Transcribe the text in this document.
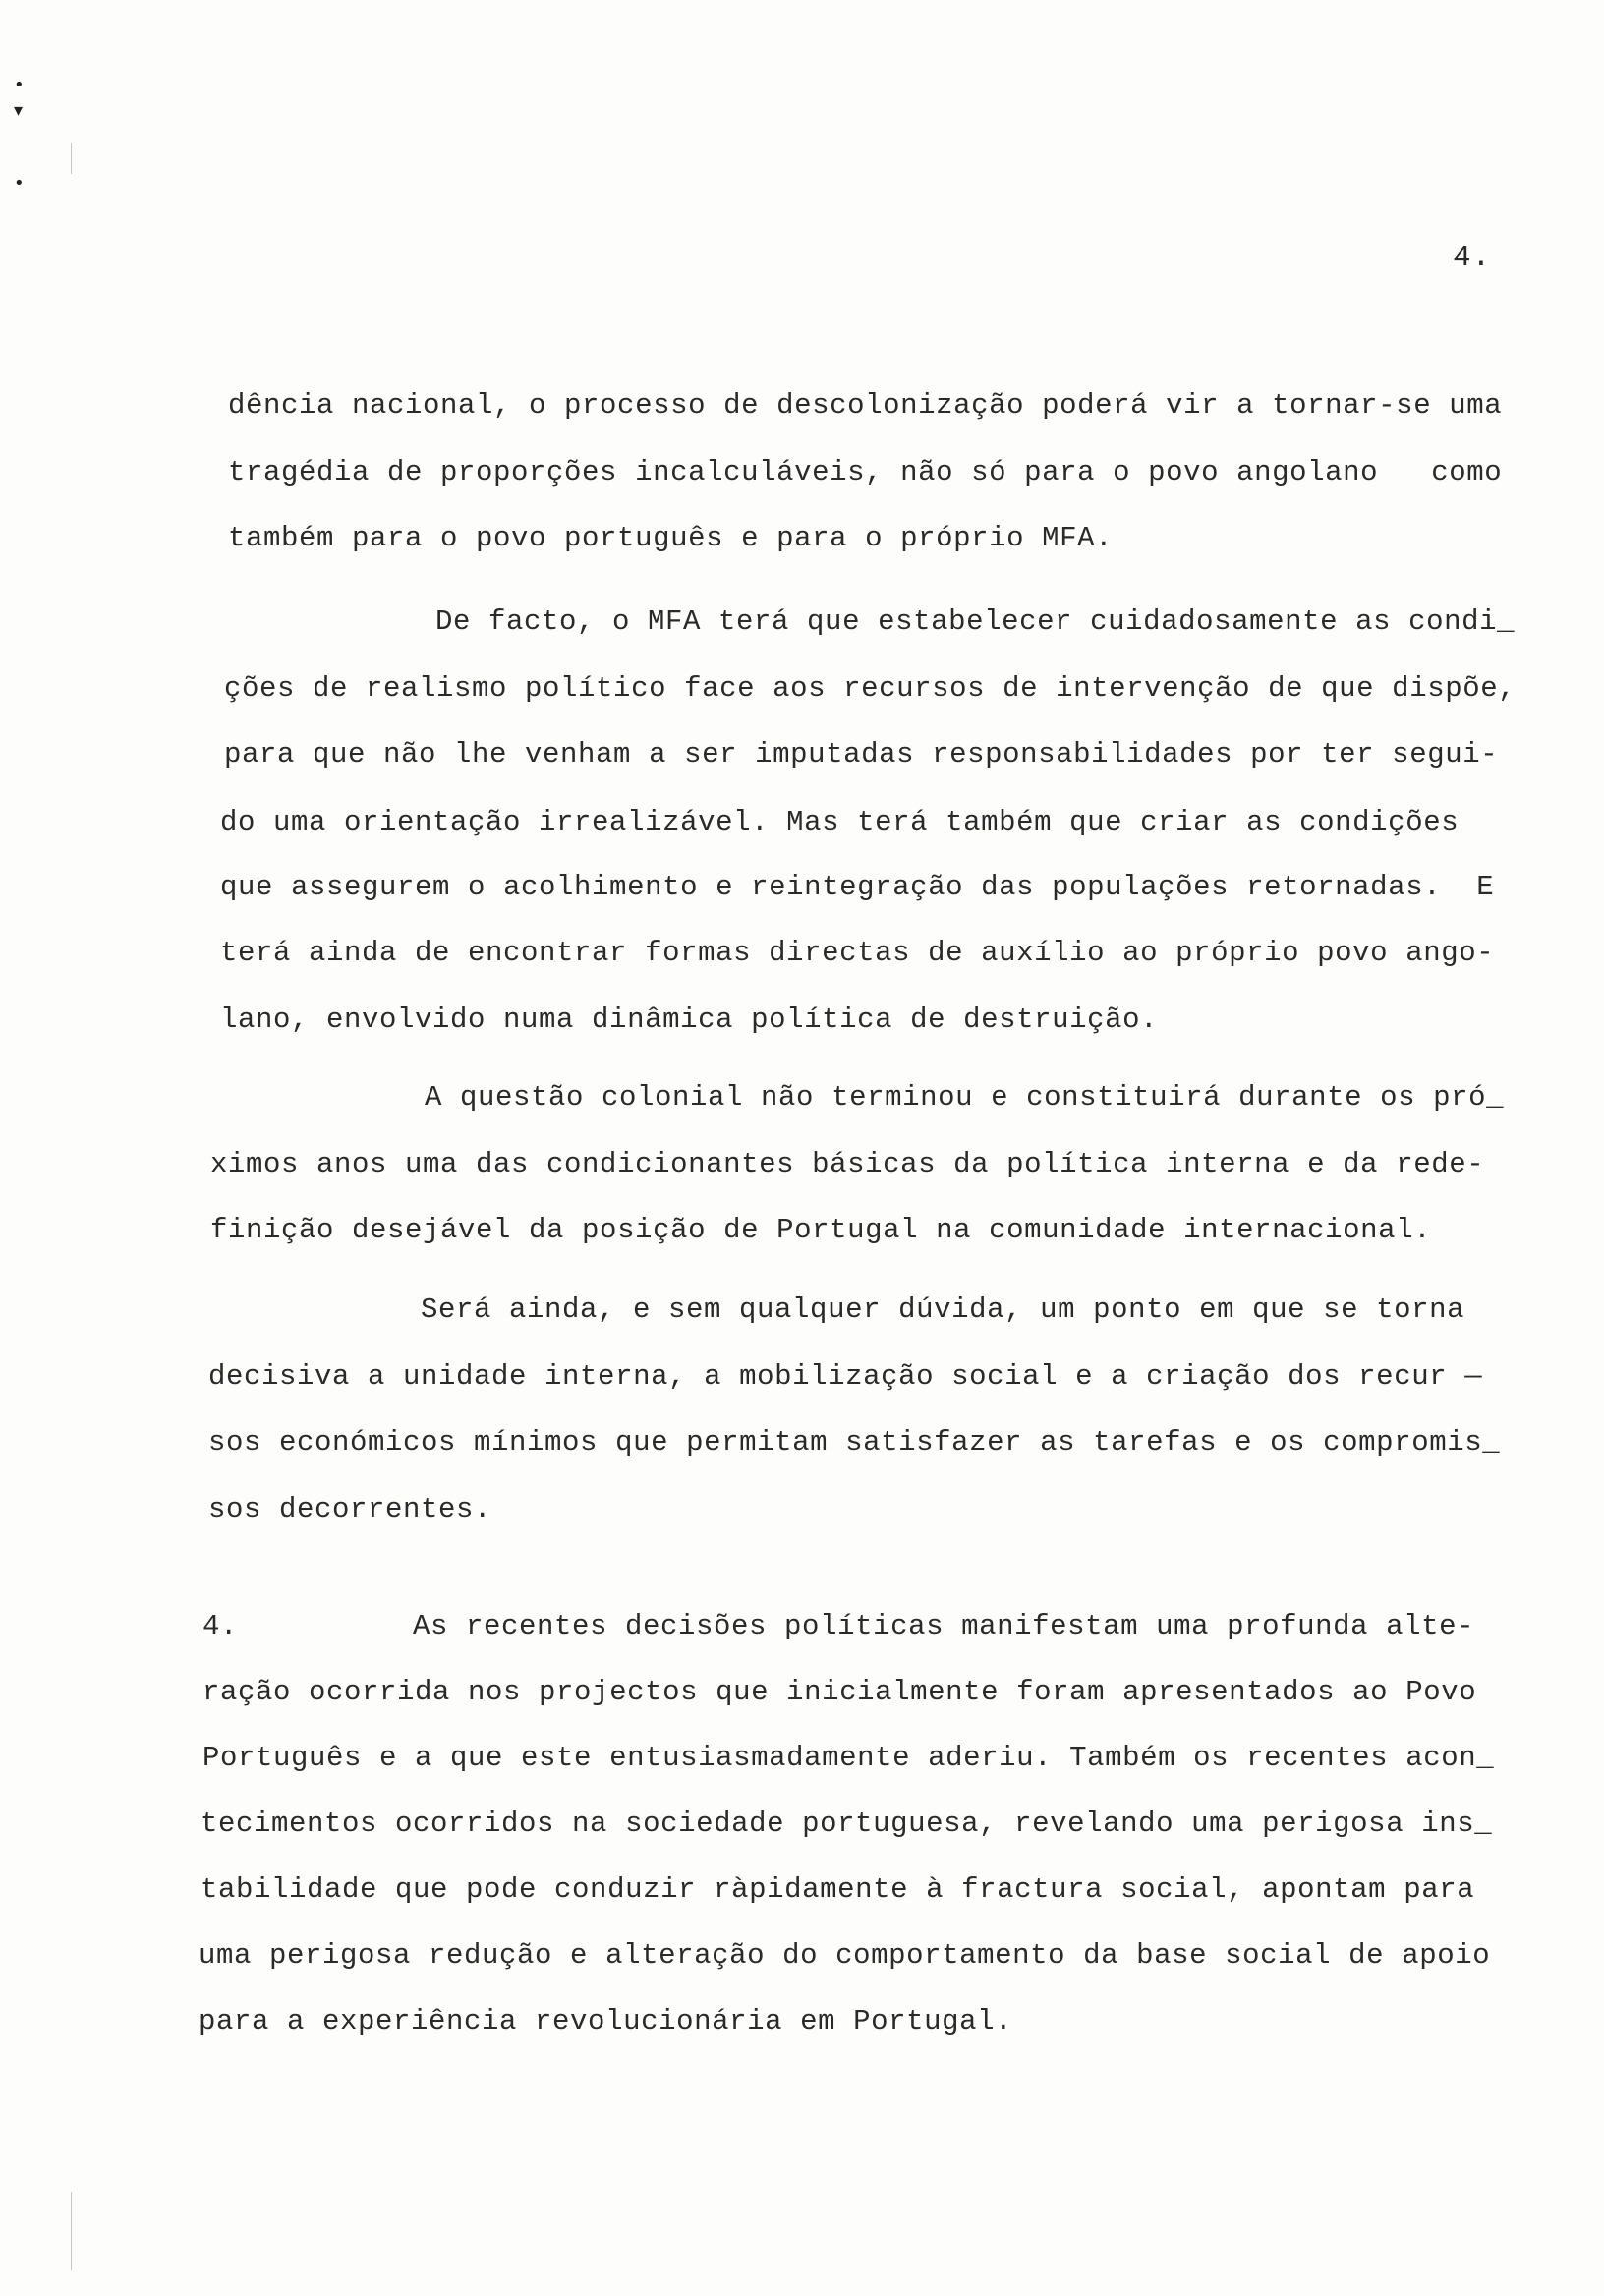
•
▾
•
4.
dência nacional, o processo de descolonização poderá vir a tornar-se uma
tragédia de proporções incalculáveis, não só para o povo angolano   como
também para o povo português e para o próprio MFA.
De facto, o MFA terá que estabelecer cuidadosamente as condi_
ções de realismo político face aos recursos de intervenção de que dispõe,
para que não lhe venham a ser imputadas responsabilidades por ter segui-
do uma orientação irrealizável. Mas terá também que criar as condições
que assegurem o acolhimento e reintegração das populações retornadas.  E
terá ainda de encontrar formas directas de auxílio ao próprio povo ango-
lano, envolvido numa dinâmica política de destruição.
A questão colonial não terminou e constituirá durante os pró_
ximos anos uma das condicionantes básicas da política interna e da rede-
finição desejável da posição de Portugal na comunidade internacional.
Será ainda, e sem qualquer dúvida, um ponto em que se torna
decisiva a unidade interna, a mobilização social e a criação dos recur —
sos económicos mínimos que permitam satisfazer as tarefas e os compromis_
sos decorrentes.
4.	As recentes decisões políticas manifestam uma profunda alte-
ração ocorrida nos projectos que inicialmente foram apresentados ao Povo
Português e a que este entusiasmadamente aderiu. Também os recentes acon_
tecimentos ocorridos na sociedade portuguesa, revelando uma perigosa ins_
tabilidade que pode conduzir ràpidamente à fractura social, apontam para
uma perigosa redução e alteração do comportamento da base social de apoio
para a experiência revolucionária em Portugal.
